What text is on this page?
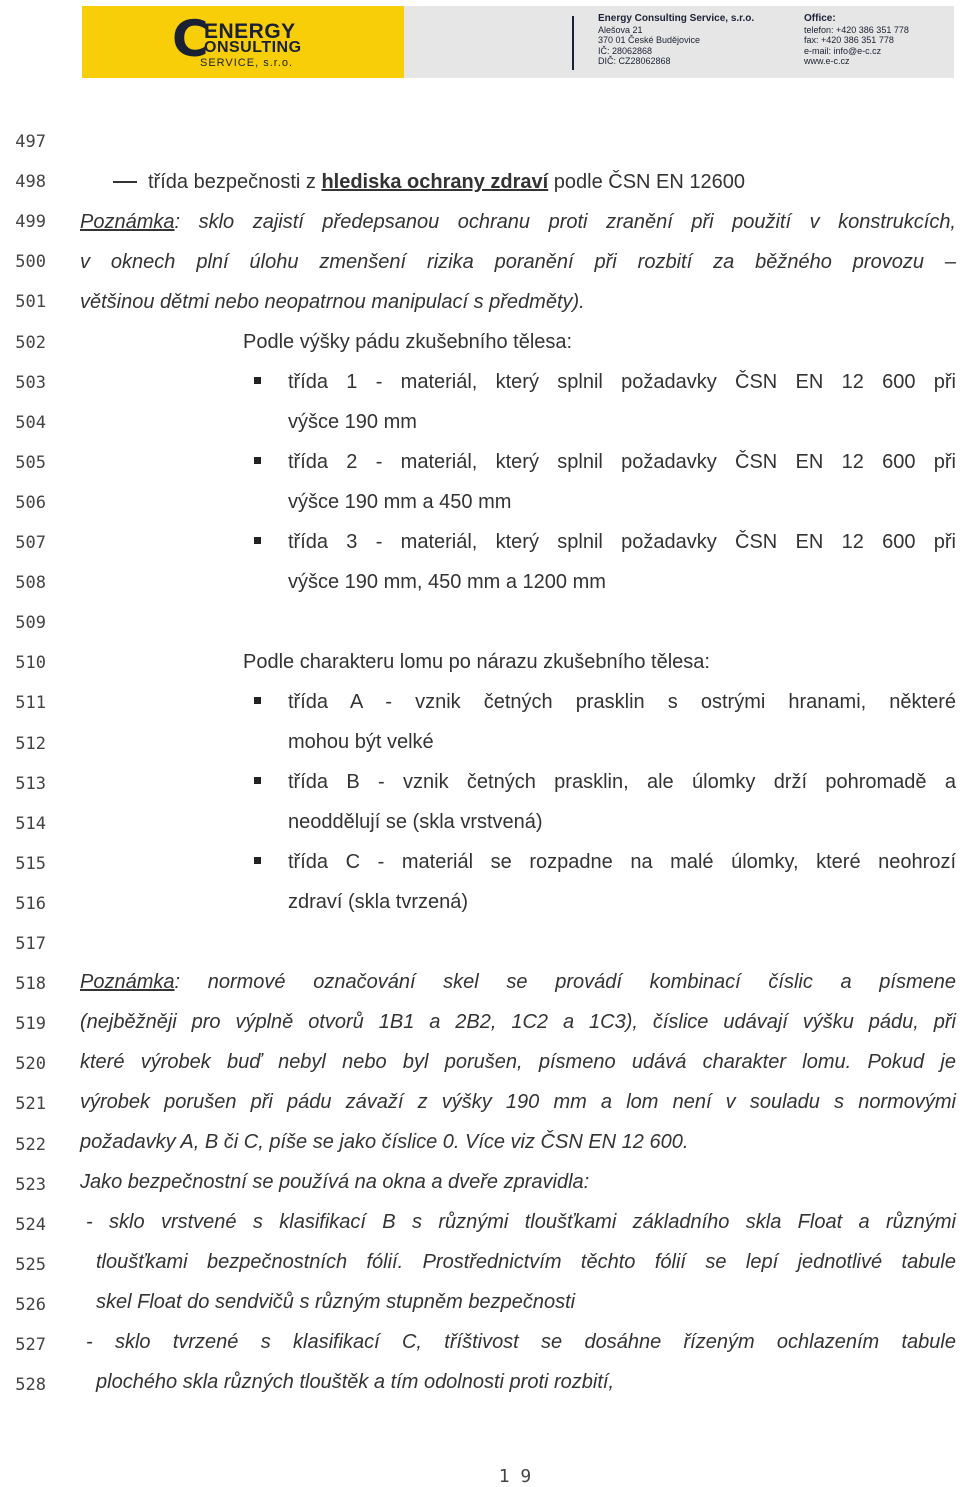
C
ENERGY
ONSULTING
SERVICE, s.r.o.
Energy Consulting Service, s.r.o.
Alešova 21
370 01 České Budějovice
IČ: 28062868
DIČ: CZ28062868
Office:
telefon: +420 386 351 778
fax: +420 386 351 778
e-mail: info@e-c.cz
www.e-c.cz
497
498
499
500
501
502
503
504
505
506
507
508
509
510
511
512
513
514
515
516
517
518
519
520
521
522
523
524
525
526
527
528
třída bezpečnosti z hlediska ochrany zdraví podle ČSN EN 12600
Poznámka: sklo zajistí předepsanou ochranu proti zranění při použití v konstrukcích,
v oknech plní úlohu zmenšení rizika poranění při rozbití za běžného provozu –
většinou dětmi nebo neopatrnou manipulací s předměty).
Podle výšky pádu zkušebního tělesa:
třída 1 - materiál, který splnil požadavky ČSN EN 12 600 při
výšce 190 mm
třída 2 - materiál, který splnil požadavky ČSN EN 12 600 při
výšce 190 mm a 450 mm
třída 3 - materiál, který splnil požadavky ČSN EN 12 600 při
výšce 190 mm, 450 mm a 1200 mm
Podle charakteru lomu po nárazu zkušebního tělesa:
třída A - vznik četných prasklin s ostrými hranami, některé
mohou být velké
třída B - vznik četných prasklin, ale úlomky drží pohromadě a
neoddělují se (skla vrstvená)
třída C - materiál se rozpadne na malé úlomky, které neohrozí
zdraví (skla tvrzená)
Poznámka: normové označování skel se provádí kombinací číslic a písmene
(nejběžněji pro výplně otvorů 1B1 a 2B2, 1C2 a 1C3), číslice udávají výšku pádu, při
které výrobek buď nebyl nebo byl porušen, písmeno udává charakter lomu. Pokud je
výrobek porušen při pádu závaží z výšky 190 mm a lom není v souladu s normovými
požadavky A, B či C, píše se jako číslice 0. Více viz ČSN EN 12 600.
Jako bezpečnostní se používá na okna a dveře zpravidla:
- sklo vrstvené s klasifikací B s různými tloušťkami základního skla Float a různými
tloušťkami bezpečnostních fólií. Prostřednictvím těchto fólií se lepí jednotlivé tabule
skel Float do sendvičů s různým stupněm bezpečnosti
- sklo tvrzené s klasifikací C, tříštivost se dosáhne řízeným ochlazením tabule
plochého skla různých tlouštěk a tím odolnosti proti rozbití,
1 9
